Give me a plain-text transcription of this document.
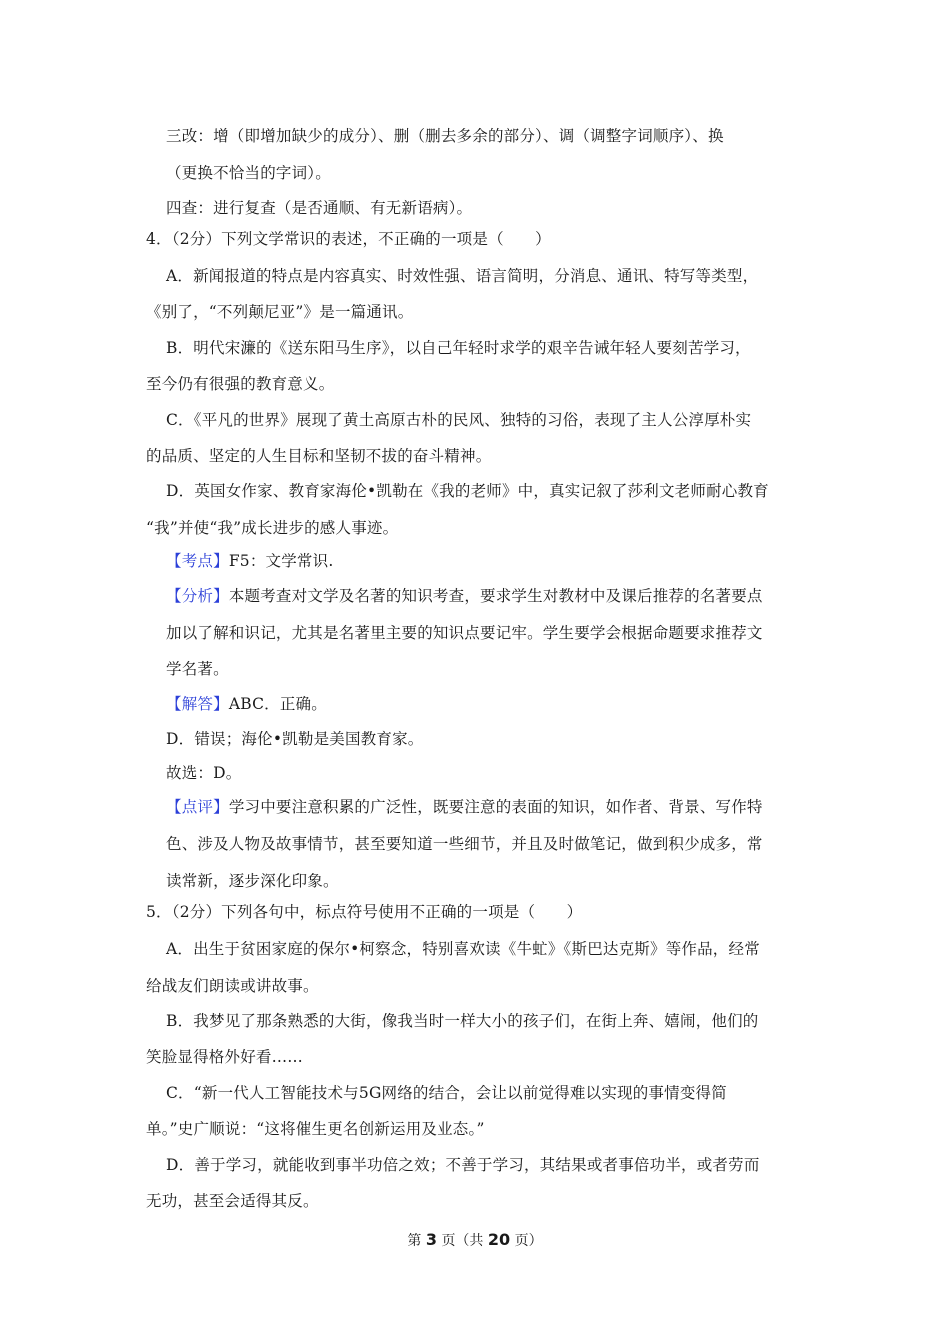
三改：增（即增加缺少的成分）、删（删去多余的部分）、调（调整字词顺序）、换
（更换不恰当的字词）。
四查：进行复查（是否通顺、有无新语病）。
4．（2分）下列文学常识的表述，不正确的一项是（　　）
A．新闻报道的特点是内容真实、时效性强、语言简明，分消息、通讯、特写等类型，
《别了，“不列颠尼亚”》是一篇通讯。
B．明代宋濂的《送东阳马生序》，以自己年轻时求学的艰辛告诫年轻人要刻苦学习，
至今仍有很强的教育意义。
C．《平凡的世界》展现了黄土高原古朴的民风、独特的习俗，表现了主人公淳厚朴实
的品质、坚定的人生目标和坚韧不拔的奋斗精神。
D．英国女作家、教育家海伦•凯勒在《我的老师》中，真实记叙了莎利文老师耐心教育
“我”并使“我”成长进步的感人事迹。
【考点】F5：文学常识.
【分析】本题考查对文学及名著的知识考查，要求学生对教材中及课后推荐的名著要点
加以了解和识记，尤其是名著里主要的知识点要记牢。学生要学会根据命题要求推荐文
学名著。
【解答】ABC．正确。
D．错误；海伦•凯勒是美国教育家。
故选：D。
【点评】学习中要注意积累的广泛性，既要注意的表面的知识，如作者、背景、写作特
色、涉及人物及故事情节，甚至要知道一些细节，并且及时做笔记，做到积少成多，常
读常新，逐步深化印象。
5．（2分）下列各句中，标点符号使用不正确的一项是（　　）
A．出生于贫困家庭的保尔•柯察念，特别喜欢读《牛虻》《斯巴达克斯》等作品，经常
给战友们朗读或讲故事。
B．我梦见了那条熟悉的大街，像我当时一样大小的孩子们，在街上奔、嬉闹，他们的
笑脸显得格外好看……
C．“新一代人工智能技术与5G网络的结合，会让以前觉得难以实现的事情变得简
单。”史广顺说：“这将催生更名创新运用及业态。”
D．善于学习，就能收到事半功倍之效；不善于学习，其结果或者事倍功半，或者劳而
无功，甚至会适得其反。
第 3 页（共 20 页）
